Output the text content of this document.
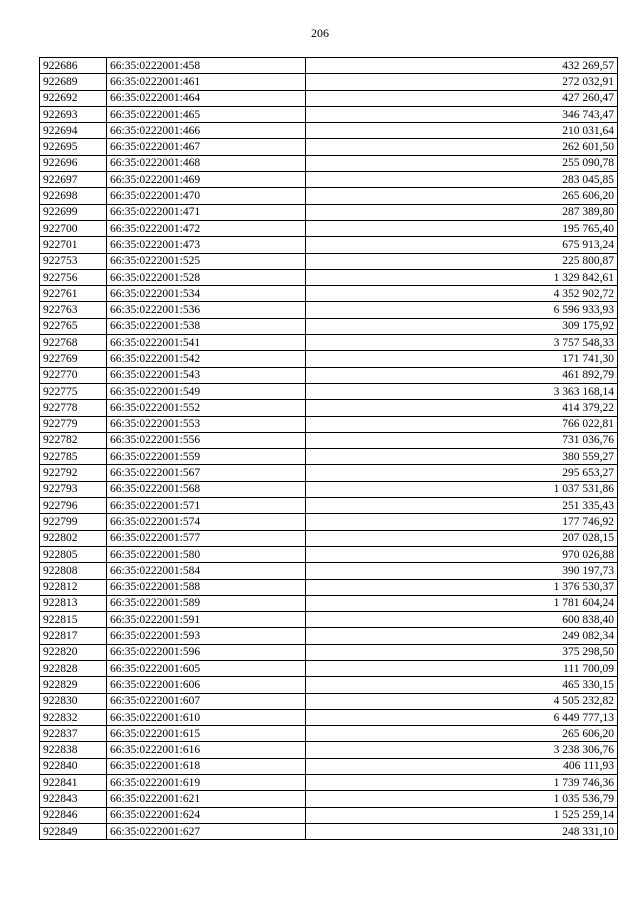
206
922686	66:35:0222001:458	432 269,57
922689	66:35:0222001:461	272 032,91
922692	66:35:0222001:464	427 260,47
922693	66:35:0222001:465	346 743,47
922694	66:35:0222001:466	210 031,64
922695	66:35:0222001:467	262 601,50
922696	66:35:0222001:468	255 090,78
922697	66:35:0222001:469	283 045,85
922698	66:35:0222001:470	265 606,20
922699	66:35:0222001:471	287 389,80
922700	66:35:0222001:472	195 765,40
922701	66:35:0222001:473	675 913,24
922753	66:35:0222001:525	225 800,87
922756	66:35:0222001:528	1 329 842,61
922761	66:35:0222001:534	4 352 902,72
922763	66:35:0222001:536	6 596 933,93
922765	66:35:0222001:538	309 175,92
922768	66:35:0222001:541	3 757 548,33
922769	66:35:0222001:542	171 741,30
922770	66:35:0222001:543	461 892,79
922775	66:35:0222001:549	3 363 168,14
922778	66:35:0222001:552	414 379,22
922779	66:35:0222001:553	766 022,81
922782	66:35:0222001:556	731 036,76
922785	66:35:0222001:559	380 559,27
922792	66:35:0222001:567	295 653,27
922793	66:35:0222001:568	1 037 531,86
922796	66:35:0222001:571	251 335,43
922799	66:35:0222001:574	177 746,92
922802	66:35:0222001:577	207 028,15
922805	66:35:0222001:580	970 026,88
922808	66:35:0222001:584	390 197,73
922812	66:35:0222001:588	1 376 530,37
922813	66:35:0222001:589	1 781 604,24
922815	66:35:0222001:591	600 838,40
922817	66:35:0222001:593	249 082,34
922820	66:35:0222001:596	375 298,50
922828	66:35:0222001:605	111 700,09
922829	66:35:0222001:606	465 330,15
922830	66:35:0222001:607	4 505 232,82
922832	66:35:0222001:610	6 449 777,13
922837	66:35:0222001:615	265 606,20
922838	66:35:0222001:616	3 238 306,76
922840	66:35:0222001:618	406 111,93
922841	66:35:0222001:619	1 739 746,36
922843	66:35:0222001:621	1 035 536,79
922846	66:35:0222001:624	1 525 259,14
922849	66:35:0222001:627	248 331,10
